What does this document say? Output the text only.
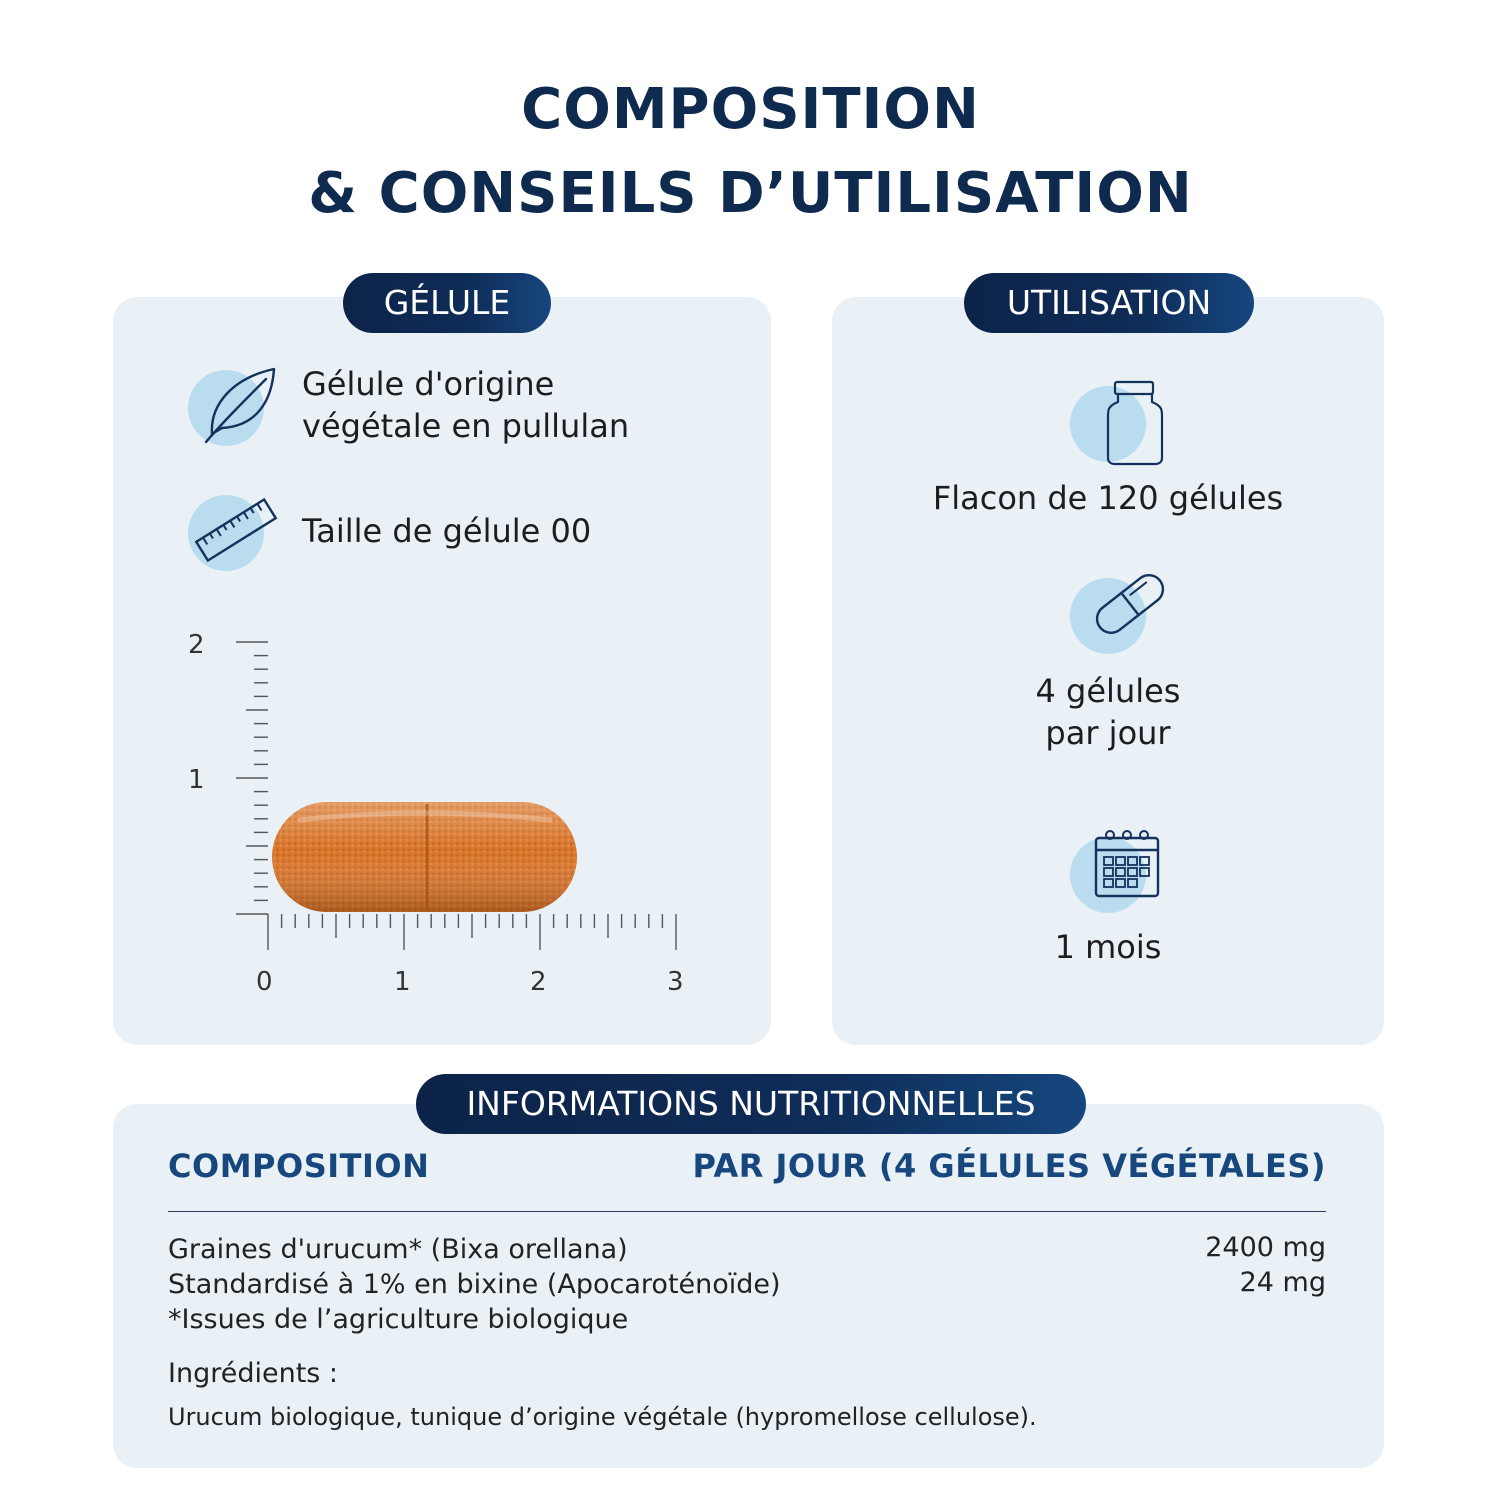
COMPOSITION
& CONSEILS D’UTILISATION
GÉLULE
Gélule d'origine
végétale en pullulan
Taille de gélule 00
2
1
0	1	2	3
UTILISATION
Flacon de 120 gélules
4 gélules
par jour
1 mois
INFORMATIONS NUTRITIONNELLES
COMPOSITION	PAR JOUR (4 GÉLULES VÉGÉTALES)
Graines d'urucum* (Bixa orellana)	2400 mg
Standardisé à 1% en bixine (Apocaroténoïde)	24 mg
*Issues de l’agriculture biologique
Ingrédients :
Urucum biologique, tunique d’origine végétale (hypromellose cellulose).
